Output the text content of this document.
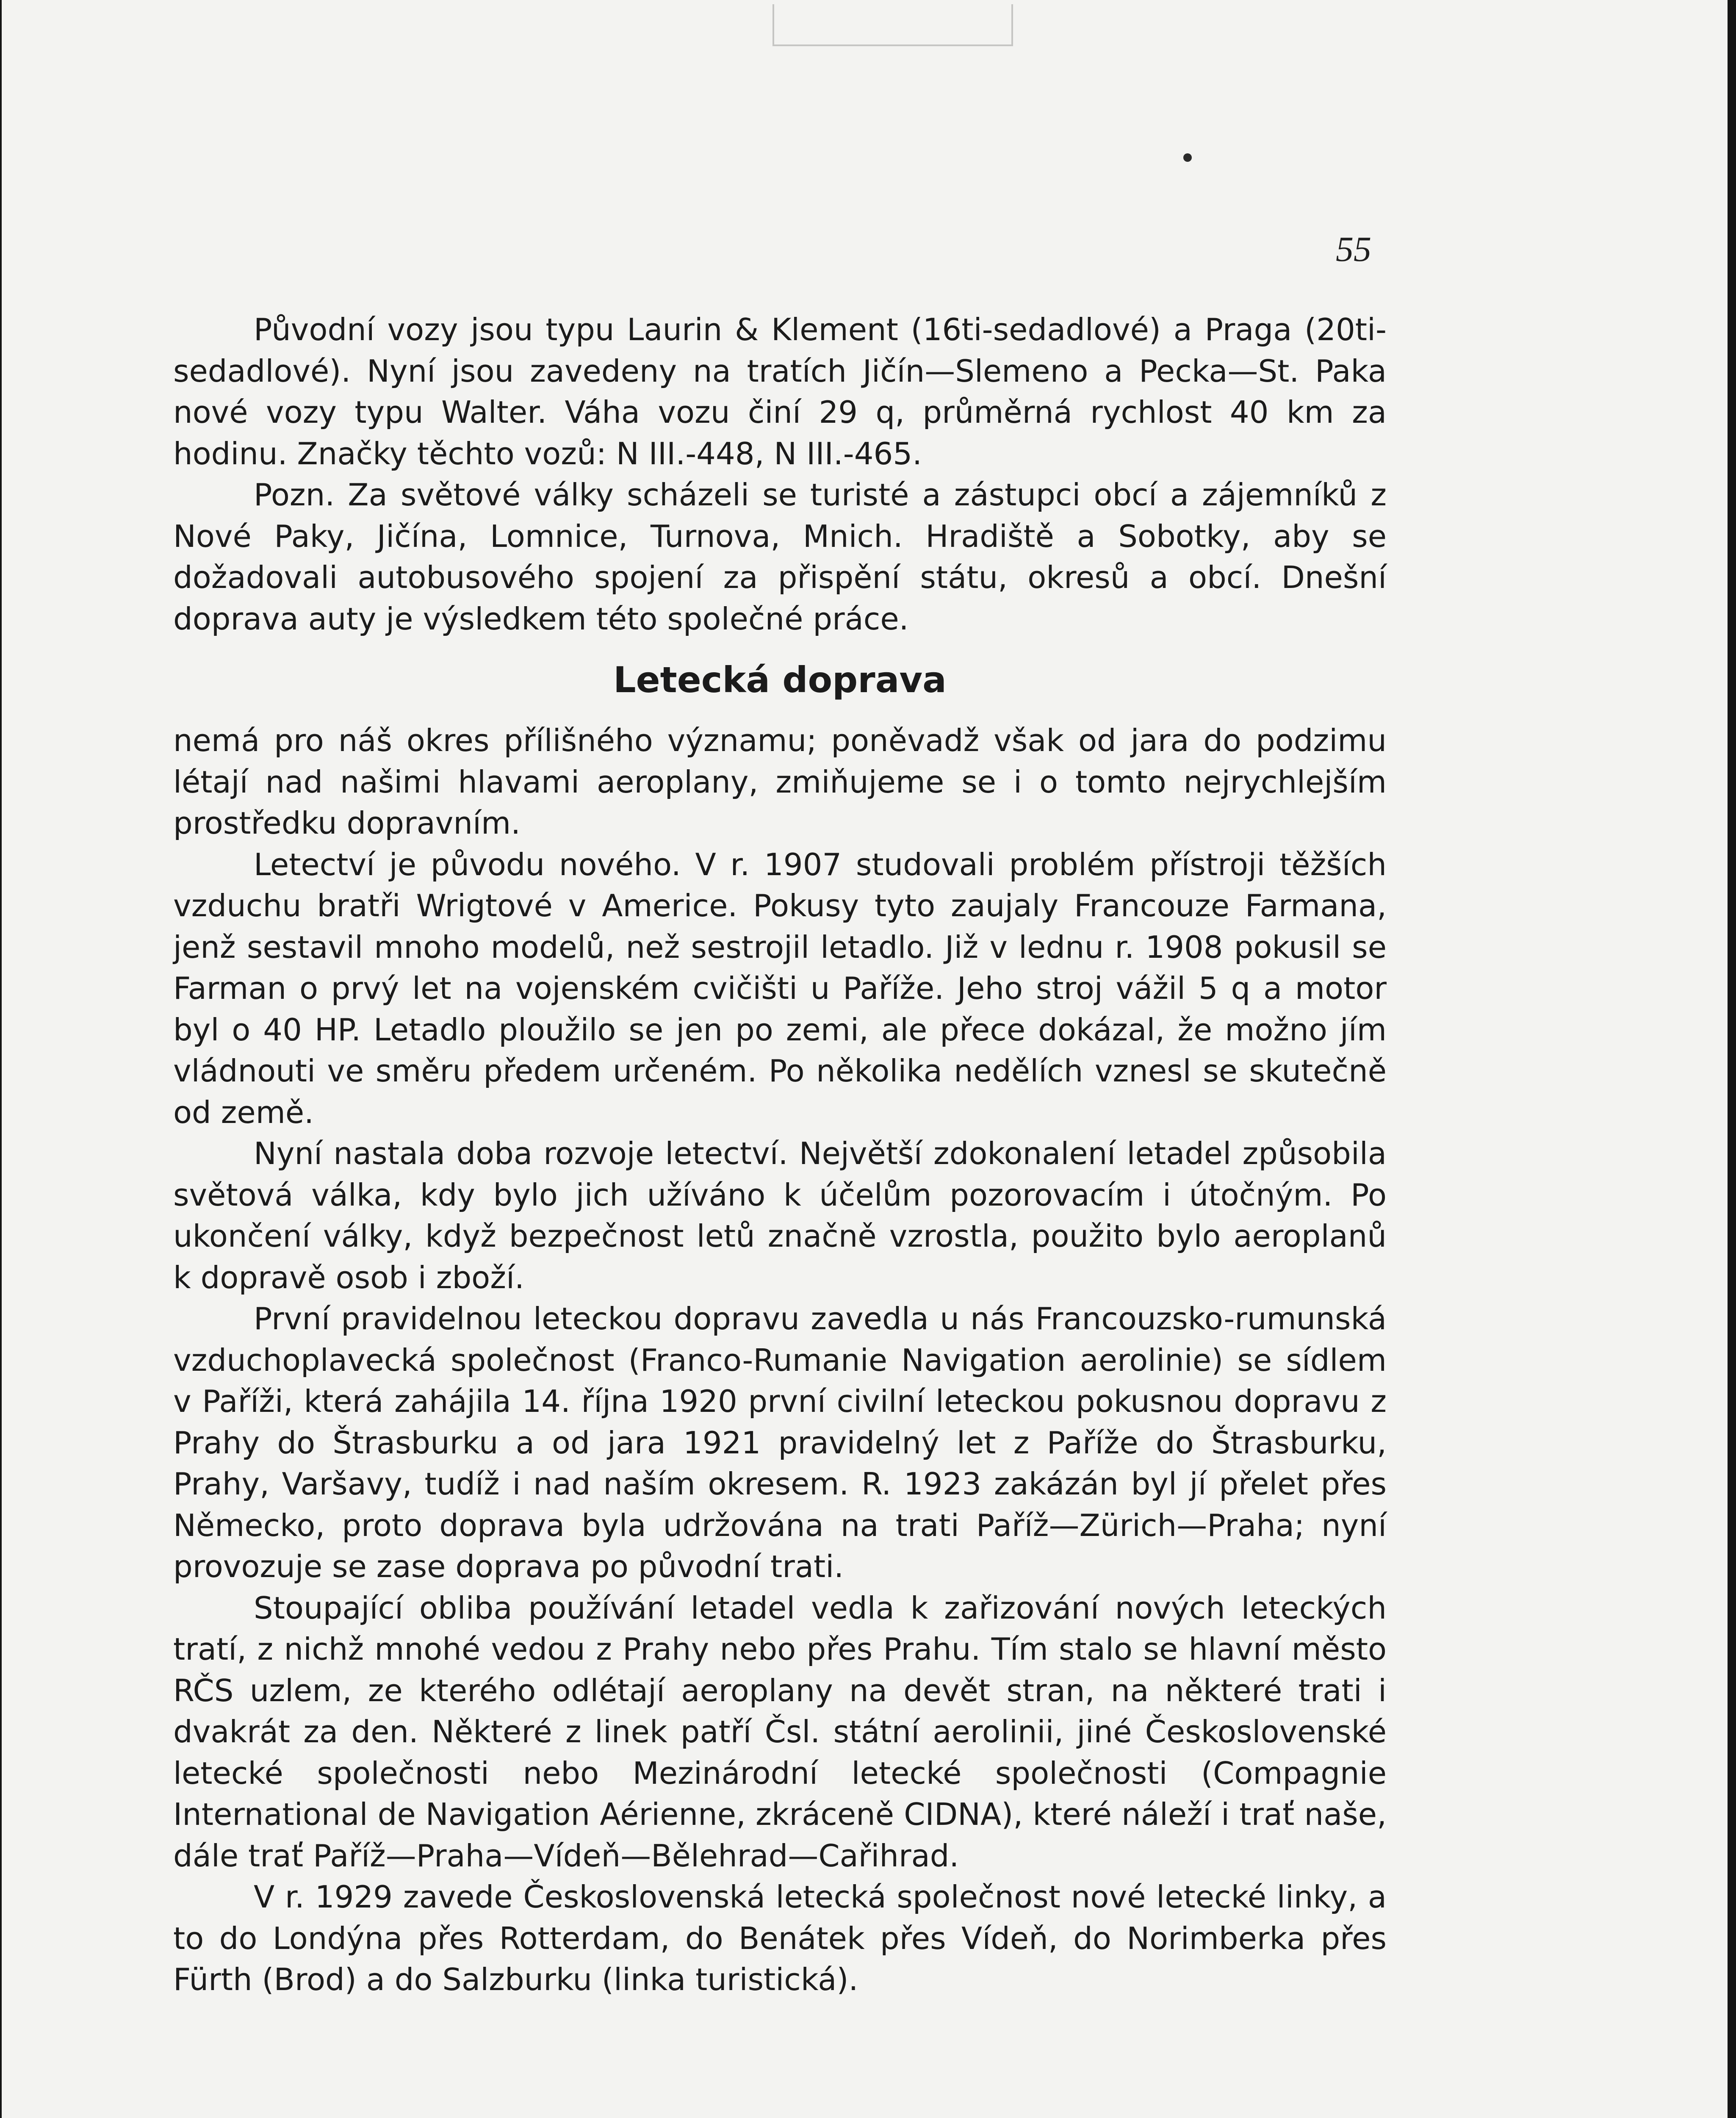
55

Původní vozy jsou typu Laurin & Klement (16ti-sedadlové) a Praga (20ti-sedadlové). Nyní jsou zavedeny na tratích Jičín—Slemeno a Pecka—St. Paka nové vozy typu Walter. Váha vozu činí 29 q, průměrná rychlost 40 km za hodinu. Značky těchto vozů: N III.-448, N III.-465.

Pozn. Za světové války scházeli se turisté a zástupci obcí a zájemníků z Nové Paky, Jičína, Lomnice, Turnova, Mnich. Hradiště a Sobotky, aby se dožadovali autobusového spojení za přispění státu, okresů a obcí. Dnešní doprava auty je výsledkem této společné práce.

Letecká doprava

nemá pro náš okres přílišného významu; poněvadž však od jara do podzimu létají nad našimi hlavami aeroplany, zmiňujeme se i o tomto nejrychlejším prostředku dopravním.

Letectví je původu nového. V r. 1907 studovali problém přístroji těžších vzduchu bratři Wrigtové v Americe. Pokusy tyto zaujaly Francouze Farmana, jenž sestavil mnoho modelů, než sestrojil letadlo. Již v lednu r. 1908 pokusil se Farman o prvý let na vojenském cvičišti u Paříže. Jeho stroj vážil 5 q a motor byl o 40 HP. Letadlo ploužilo se jen po zemi, ale přece dokázal, že možno jím vládnouti ve směru předem určeném. Po několika nedělích vznesl se skutečně od země.

Nyní nastala doba rozvoje letectví. Největší zdokonalení letadel způsobila světová válka, kdy bylo jich užíváno k účelům pozorovacím i útočným. Po ukončení války, když bezpečnost letů značně vzrostla, použito bylo aeroplanů k dopravě osob i zboží.

První pravidelnou leteckou dopravu zavedla u nás Francouzsko-rumunská vzduchoplavecká společnost (Franco-Rumanie Navigation aerolinie) se sídlem v Paříži, která zahájila 14. října 1920 první civilní leteckou pokusnou dopravu z Prahy do Štrasburku a od jara 1921 pravidelný let z Paříže do Štrasburku, Prahy, Varšavy, tudíž i nad naším okresem. R. 1923 zakázán byl jí přelet přes Německo, proto doprava byla udržována na trati Paříž—Zürich—Praha; nyní provozuje se zase doprava po původní trati.

Stoupající obliba používání letadel vedla k zařizování nových leteckých tratí, z nichž mnohé vedou z Prahy nebo přes Prahu. Tím stalo se hlavní město RČS uzlem, ze kterého odlétají aeroplany na devět stran, na některé trati i dvakrát za den. Některé z linek patří Čsl. státní aerolinii, jiné Československé letecké společnosti nebo Mezinárodní letecké společnosti (Compagnie International de Navigation Aérienne, zkráceně CIDNA), které náleží i trať naše, dále trať Paříž—Praha—Vídeň—Bělehrad—Cařihrad.

V r. 1929 zavede Československá letecká společnost nové letecké linky, a to do Londýna přes Rotterdam, do Benátek přes Vídeň, do Norimberka přes Fürth (Brod) a do Salzburku (linka turistická).
